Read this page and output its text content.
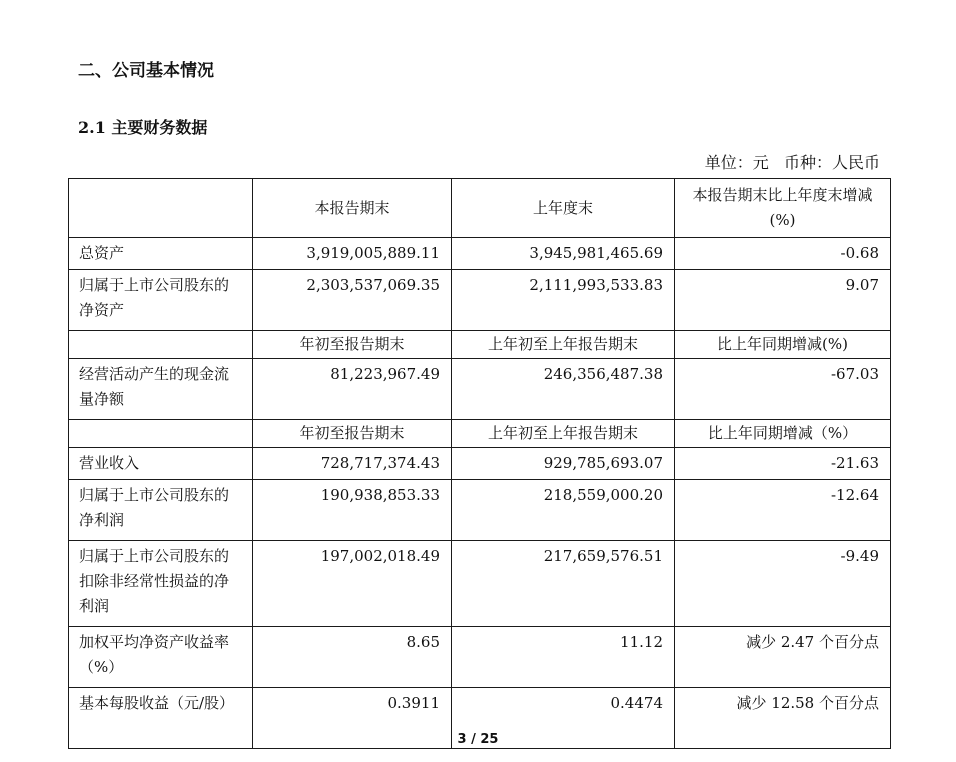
二、公司基本情况
2.1 主要财务数据
单位：元   币种：人民币
	本报告期末	上年度末	本报告期末比上年度末增减(%)
总资产	3,919,005,889.11	3,945,981,465.69	-0.68
归属于上市公司股东的净资产	2,303,537,069.35	2,111,993,533.83	9.07
	年初至报告期末	上年初至上年报告期末	比上年同期增减(%)
经营活动产生的现金流量净额	81,223,967.49	246,356,487.38	-67.03
	年初至报告期末	上年初至上年报告期末	比上年同期增减（%）
营业收入	728,717,374.43	929,785,693.07	-21.63
归属于上市公司股东的净利润	190,938,853.33	218,559,000.20	-12.64
归属于上市公司股东的扣除非经常性损益的净利润	197,002,018.49	217,659,576.51	-9.49
加权平均净资产收益率（%）	8.65	11.12	减少 2.47 个百分点
基本每股收益（元/股）	0.3911	0.4474	减少 12.58 个百分点
3 / 25
